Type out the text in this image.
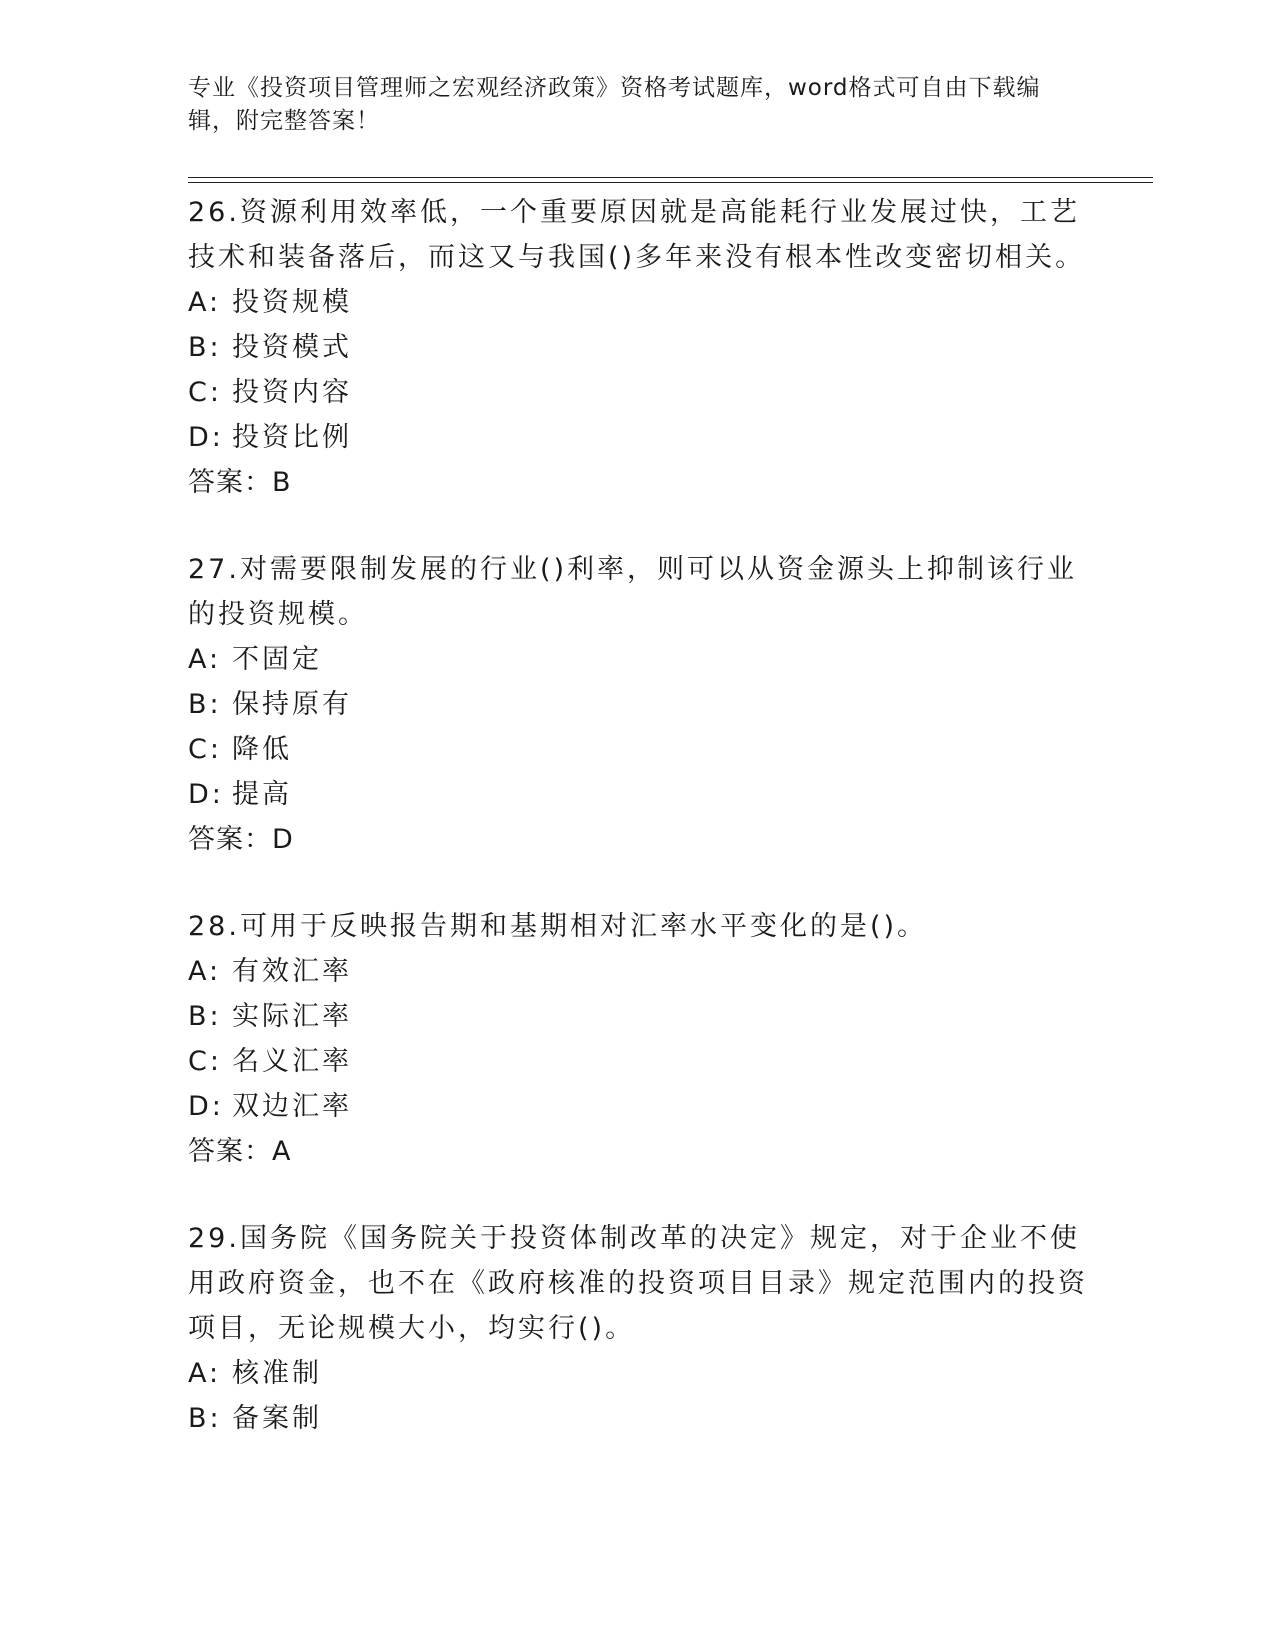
专业《投资项目管理师之宏观经济政策》资格考试题库，word格式可自由下载编辑，附完整答案！
26.资源利用效率低，一个重要原因就是高能耗行业发展过快，工艺技术和装备落后，而这又与我国()多年来没有根本性改变密切相关。
A: 投资规模
B: 投资模式
C: 投资内容
D: 投资比例
答案：B
27.对需要限制发展的行业()利率，则可以从资金源头上抑制该行业的投资规模。
A: 不固定
B: 保持原有
C: 降低
D: 提高
答案：D
28.可用于反映报告期和基期相对汇率水平变化的是()。
A: 有效汇率
B: 实际汇率
C: 名义汇率
D: 双边汇率
答案：A
29.国务院《国务院关于投资体制改革的决定》规定，对于企业不使用政府资金，也不在《政府核准的投资项目目录》规定范围内的投资项目，无论规模大小，均实行()。
A: 核准制
B: 备案制
